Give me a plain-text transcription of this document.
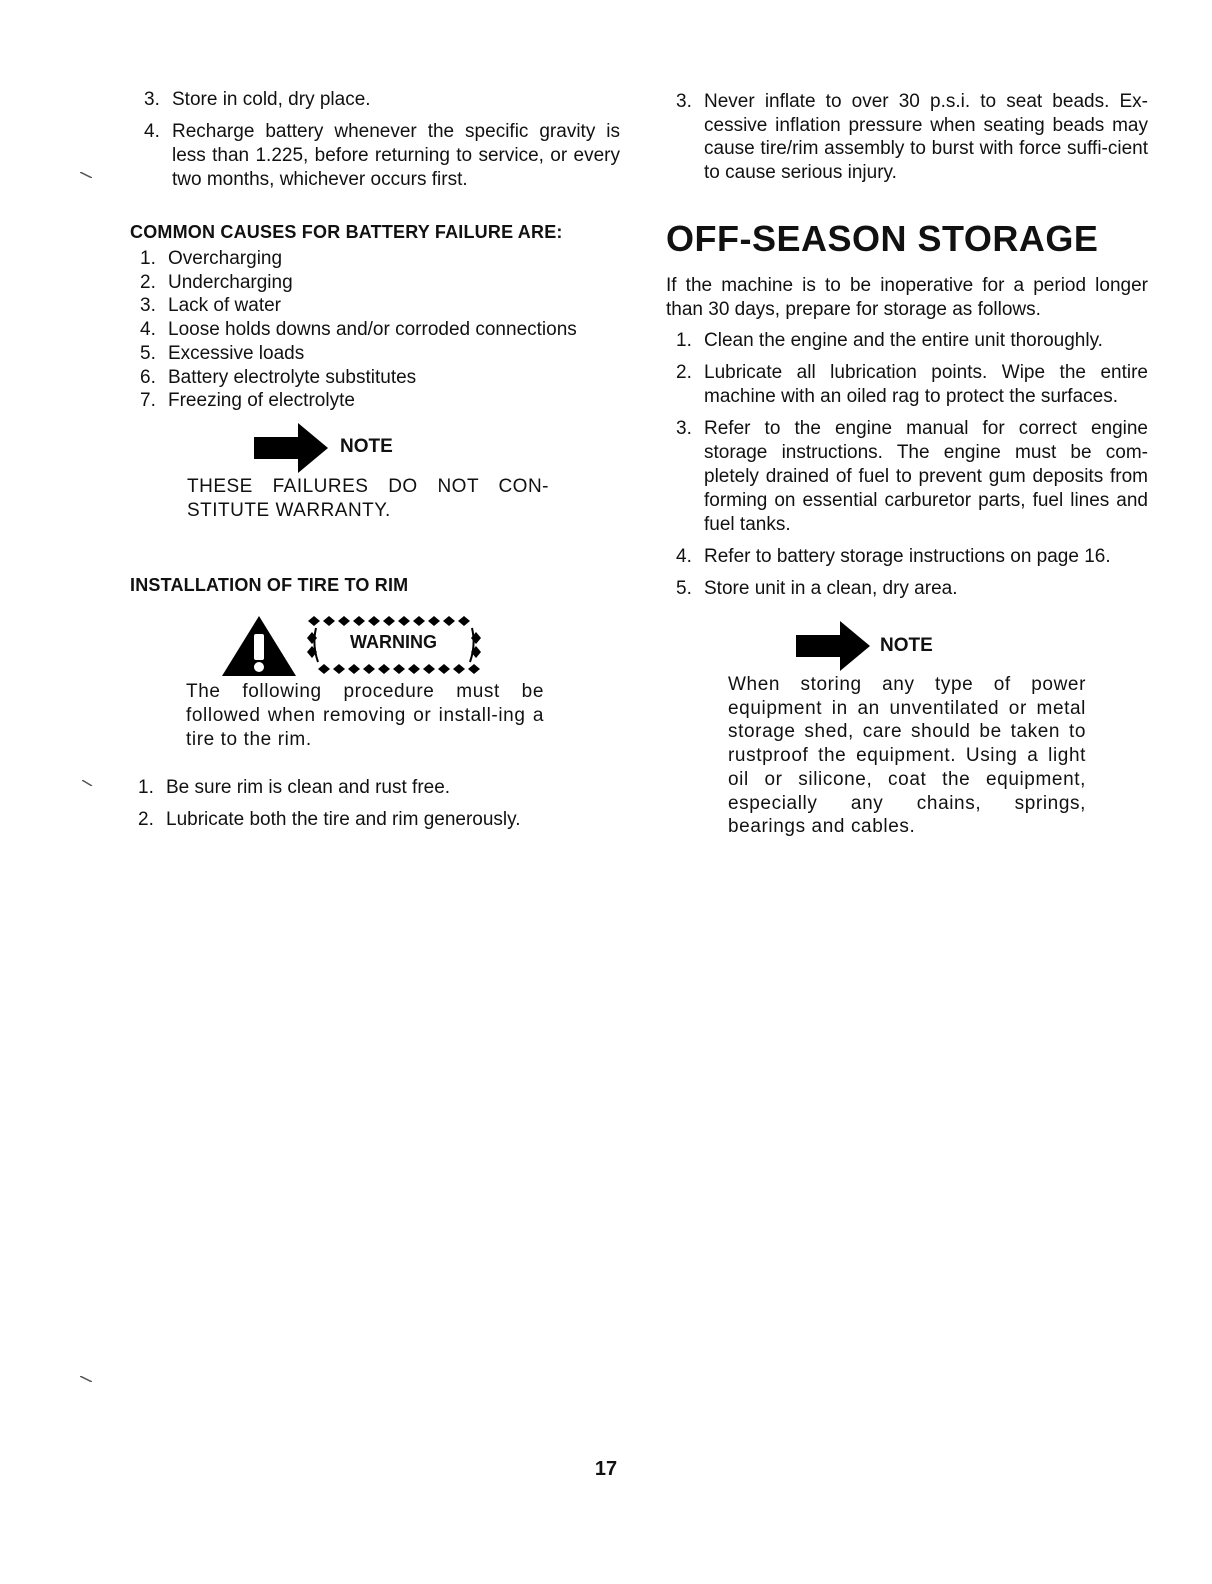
3. Store in cold, dry place.
4. Recharge battery whenever the specific gravity is less than 1.225, before returning to service, or every two months, whichever occurs first.
COMMON CAUSES FOR BATTERY FAILURE ARE:
1. Overcharging
2. Undercharging
3. Lack of water
4. Loose holds downs and/or corroded connections
5. Excessive loads
6. Battery electrolyte substitutes
7. Freezing of electrolyte
NOTE
THESE FAILURES DO NOT CON-STITUTE WARRANTY.
INSTALLATION OF TIRE TO RIM
WARNING
The following procedure must be followed when removing or install-ing a tire to the rim.
1. Be sure rim is clean and rust free.
2. Lubricate both the tire and rim generously.
3. Never inflate to over 30 p.s.i. to seat beads. Ex-cessive inflation pressure when seating beads may cause tire/rim assembly to burst with force suffi-cient to cause serious injury.
OFF-SEASON STORAGE
If the machine is to be inoperative for a period longer than 30 days, prepare for storage as follows.
1. Clean the engine and the entire unit thoroughly.
2. Lubricate all lubrication points. Wipe the entire machine with an oiled rag to protect the surfaces.
3. Refer to the engine manual for correct engine storage instructions. The engine must be com-pletely drained of fuel to prevent gum deposits from forming on essential carburetor parts, fuel lines and fuel tanks.
4. Refer to battery storage instructions on page 16.
5. Store unit in a clean, dry area.
NOTE
When storing any type of power equipment in an unventilated or metal storage shed, care should be taken to rustproof the equipment. Using a light oil or silicone, coat the equipment, especially any chains, springs, bearings and cables.
17
